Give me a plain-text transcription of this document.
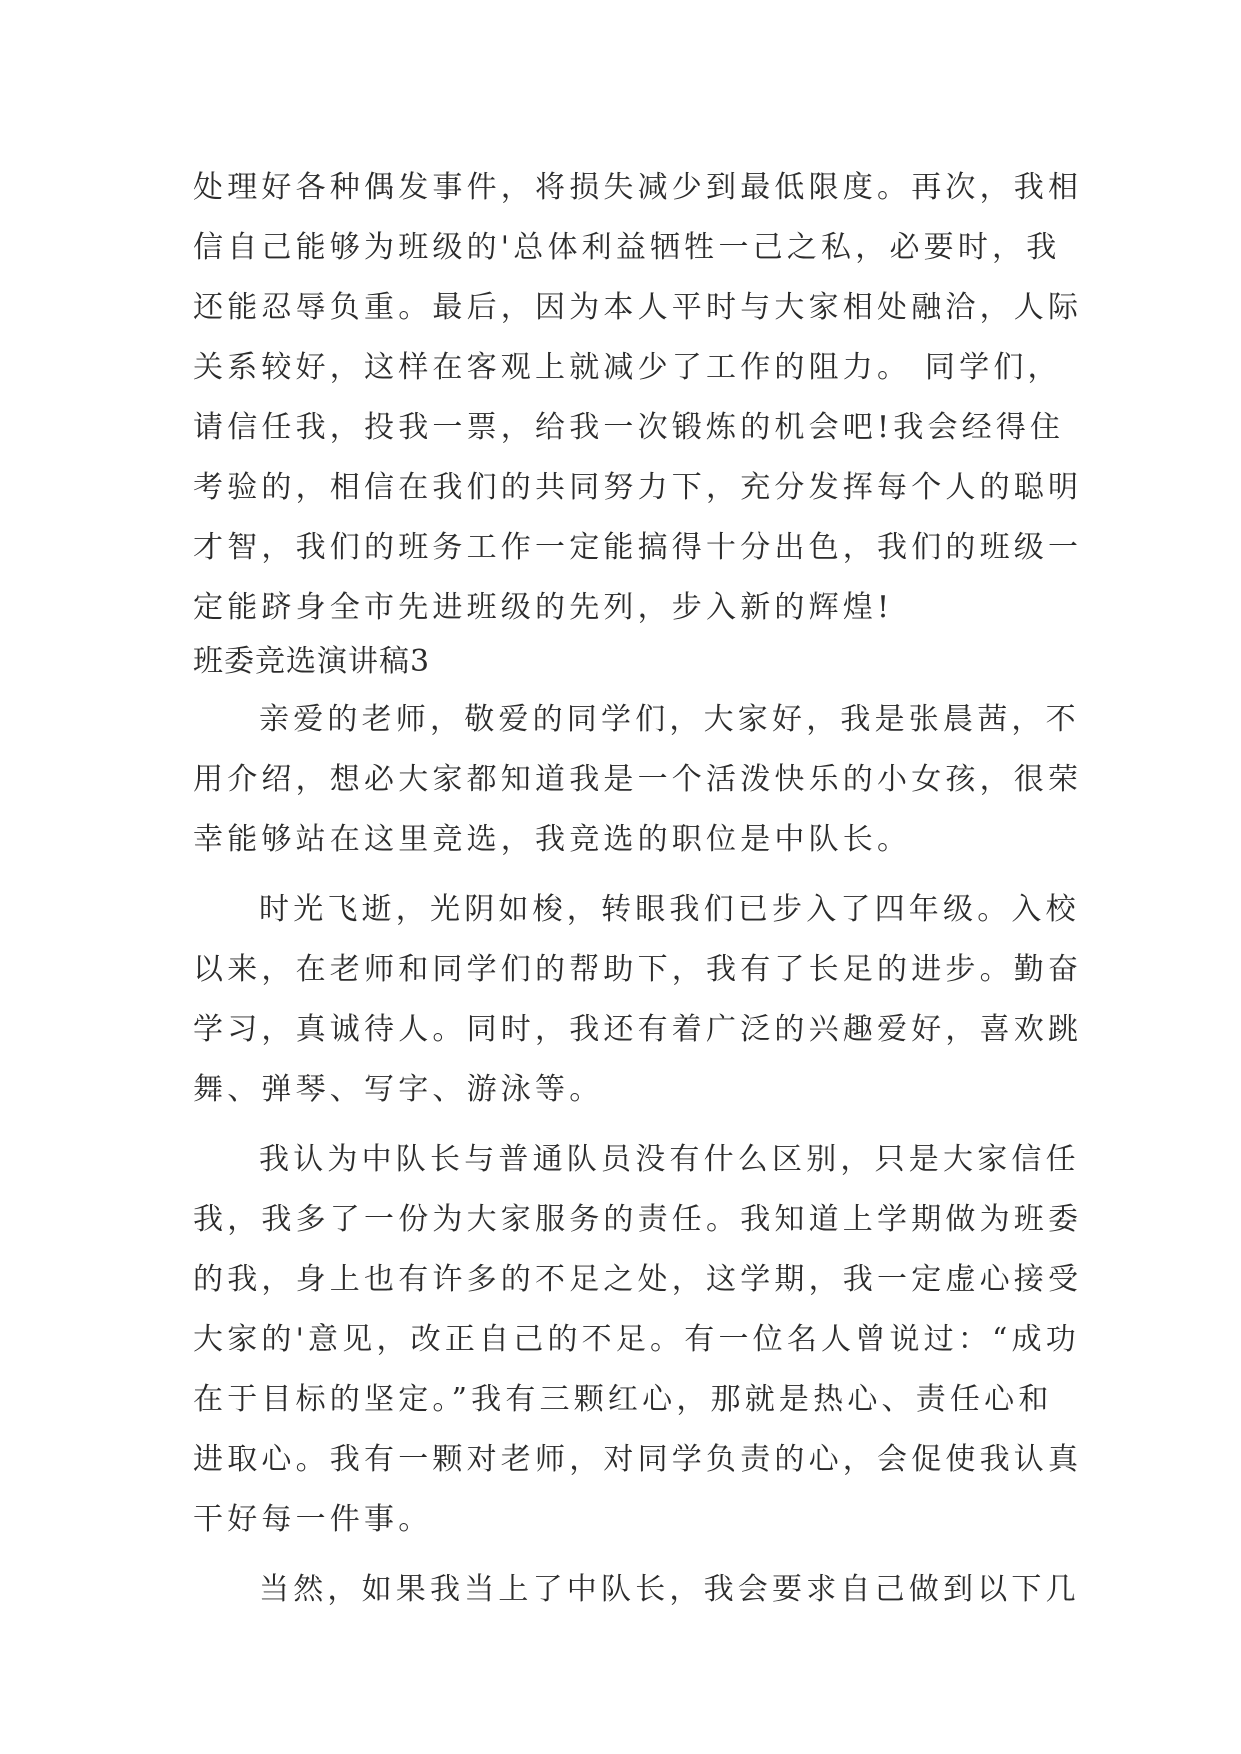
处理好各种偶发事件，将损失减少到最低限度。再次，我相
信自己能够为班级的'总体利益牺牲一己之私，必要时，我
还能忍辱负重。最后，因为本人平时与大家相处融洽，人际
关系较好，这样在客观上就减少了工作的阻力。 同学们，
请信任我，投我一票，给我一次锻炼的机会吧!我会经得住
考验的，相信在我们的共同努力下，充分发挥每个人的聪明
才智，我们的班务工作一定能搞得十分出色，我们的班级一
定能跻身全市先进班级的先列，步入新的辉煌!
班委竞选演讲稿3
亲爱的老师，敬爱的同学们，大家好，我是张晨茜，不
用介绍，想必大家都知道我是一个活泼快乐的小女孩，很荣
幸能够站在这里竞选，我竞选的职位是中队长。
时光飞逝，光阴如梭，转眼我们已步入了四年级。入校
以来，在老师和同学们的帮助下，我有了长足的进步。勤奋
学习，真诚待人。同时，我还有着广泛的兴趣爱好，喜欢跳
舞、弹琴、写字、游泳等。
我认为中队长与普通队员没有什么区别，只是大家信任
我，我多了一份为大家服务的责任。我知道上学期做为班委
的我，身上也有许多的不足之处，这学期，我一定虚心接受
大家的'意见，改正自己的不足。有一位名人曾说过：“成功
在于目标的坚定。”我有三颗红心，那就是热心、责任心和
进取心。我有一颗对老师，对同学负责的心，会促使我认真
干好每一件事。
当然，如果我当上了中队长，我会要求自己做到以下几
